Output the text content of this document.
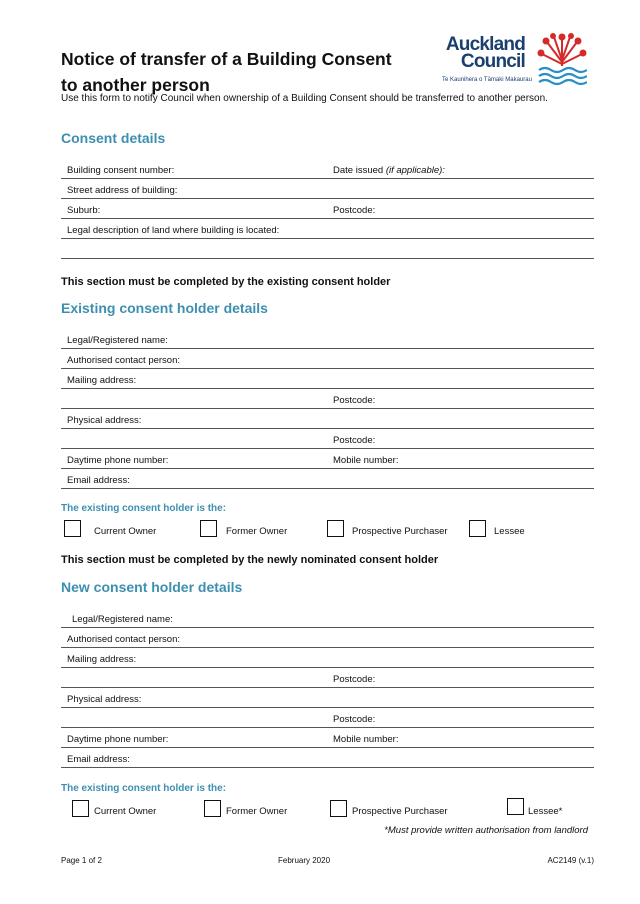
Notice of transfer of a Building Consent
to another person
Auckland
Council
Te Kaunihera o Tāmaki Makaurau
Use this form to notify Council when ownership of a Building Consent should be transferred to another person.
Consent details
Building consent number:	Date issued (if applicable):
Street address of building:
Suburb:	Postcode:
Legal description of land where building is located:
This section must be completed by the existing consent holder
Existing consent holder details
Legal/Registered name:
Authorised contact person:
Mailing address:
Postcode:
Physical address:
Postcode:
Daytime phone number:	Mobile number:
Email address:
The existing consent holder is the:
Current Owner	Former Owner	Prospective Purchaser	Lessee
This section must be completed by the newly nominated consent holder
New consent holder details
Legal/Registered name:
Authorised contact person:
Mailing address:
Postcode:
Physical address:
Postcode:
Daytime phone number:	Mobile number:
Email address:
The existing consent holder is the:
Current Owner	Former Owner	Prospective Purchaser	Lessee*
*Must provide written authorisation from landlord
Page 1 of 2	February 2020	AC2149 (v.1)
